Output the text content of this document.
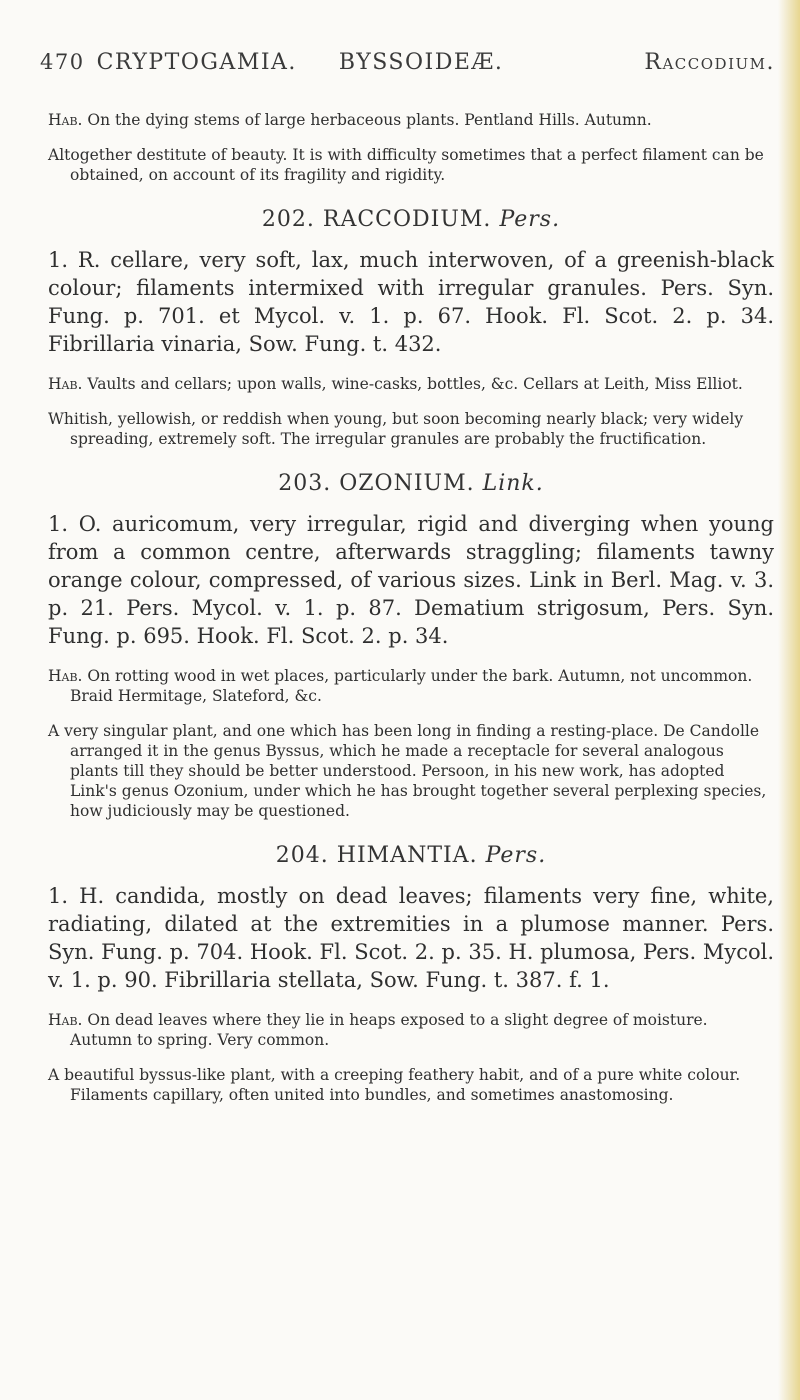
470 CRYPTOGAMIA. BYSSOIDEÆ.	Raccodium.

Hab. On the dying stems of large herbaceous plants. Pentland Hills. Autumn.

Altogether destitute of beauty. It is with difficulty sometimes that a perfect filament can be obtained, on account of its fragility and rigidity.

202. RACCODIUM. Pers.

1. R. cellare, very soft, lax, much interwoven, of a greenish-black colour; filaments intermixed with irregular granules. Pers. Syn. Fung. p. 701. et Mycol. v. 1. p. 67. Hook. Fl. Scot. 2. p. 34. Fibrillaria vinaria, Sow. Fung. t. 432.

Hab. Vaults and cellars; upon walls, wine-casks, bottles, &c. Cellars at Leith, Miss Elliot.

Whitish, yellowish, or reddish when young, but soon becoming nearly black; very widely spreading, extremely soft. The irregular granules are probably the fructification.

203. OZONIUM. Link.

1. O. auricomum, very irregular, rigid and diverging when young from a common centre, afterwards straggling; filaments tawny orange colour, compressed, of various sizes. Link in Berl. Mag. v. 3. p. 21. Pers. Mycol. v. 1. p. 87. Dematium strigosum, Pers. Syn. Fung. p. 695. Hook. Fl. Scot. 2. p. 34.

Hab. On rotting wood in wet places, particularly under the bark. Autumn, not uncommon. Braid Hermitage, Slateford, &c.

A very singular plant, and one which has been long in finding a resting-place. De Candolle arranged it in the genus Byssus, which he made a receptacle for several analogous plants till they should be better understood. Persoon, in his new work, has adopted Link's genus Ozonium, under which he has brought together several perplexing species, how judiciously may be questioned.

204. HIMANTIA. Pers.

1. H. candida, mostly on dead leaves; filaments very fine, white, radiating, dilated at the extremities in a plumose manner. Pers. Syn. Fung. p. 704. Hook. Fl. Scot. 2. p. 35. H. plumosa, Pers. Mycol. v. 1. p. 90. Fibrillaria stellata, Sow. Fung. t. 387. f. 1.

Hab. On dead leaves where they lie in heaps exposed to a slight degree of moisture. Autumn to spring. Very common.

A beautiful byssus-like plant, with a creeping feathery habit, and of a pure white colour. Filaments capillary, often united into bundles, and sometimes anastomosing.
